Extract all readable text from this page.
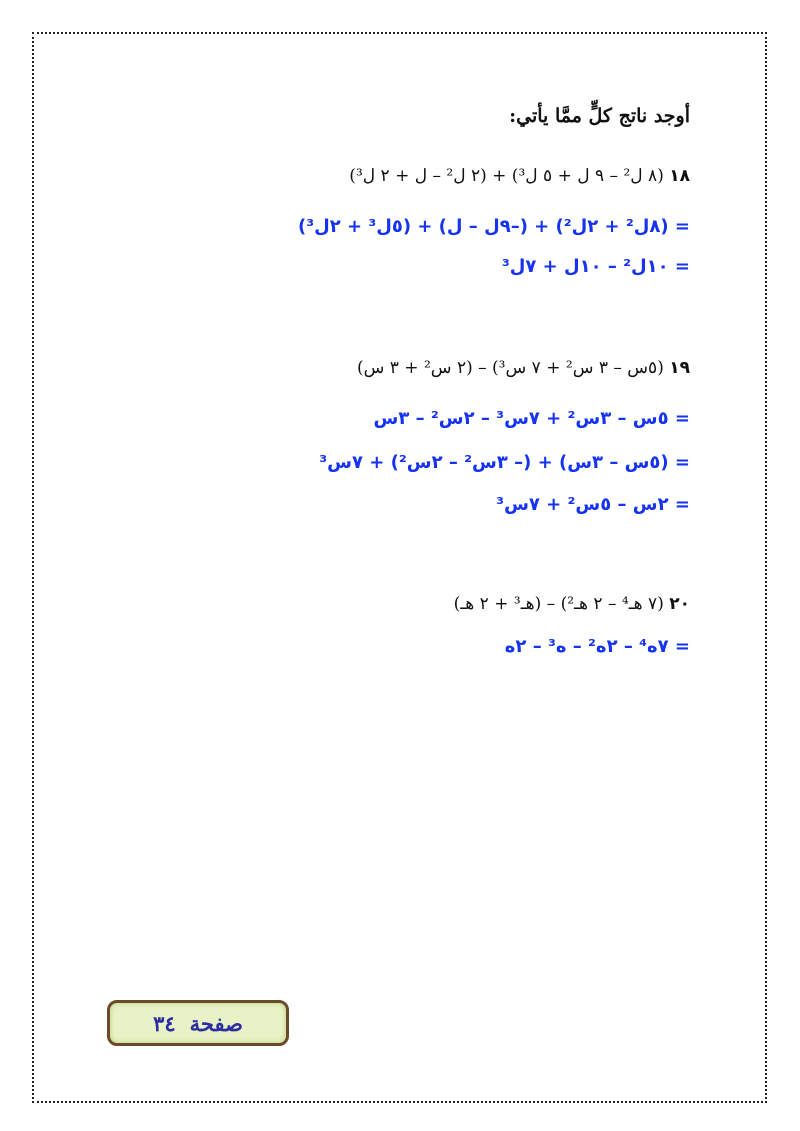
أوجد ناتج كلٍّ ممَّا يأتي:
١٨ (٨ ل² – ٩ ل + ٥ ل³) + (٢ ل² – ل + ٢ ل³)
= (٨ل² + ٢ل²) + (–٩ل – ل) + (٥ل³ + ٢ل³)
= ١٠ل² – ١٠ل + ٧ل³
١٩ (٥س – ٣ س² + ٧ س³) – (٢ س² + ٣ س)
= ٥س – ٣س² + ٧س³ – ٢س² – ٣س
= (٥س – ٣س) + (– ٣س² – ٢س²) + ٧س³
= ٢س – ٥س² + ٧س³
٢٠ (٧ هـ⁴ – ٢ هـ²) – (هـ³ + ٢ هـ)
= ٧ه⁴ – ٢ه² – ه³ – ٢ه
صفحة
٣٤
